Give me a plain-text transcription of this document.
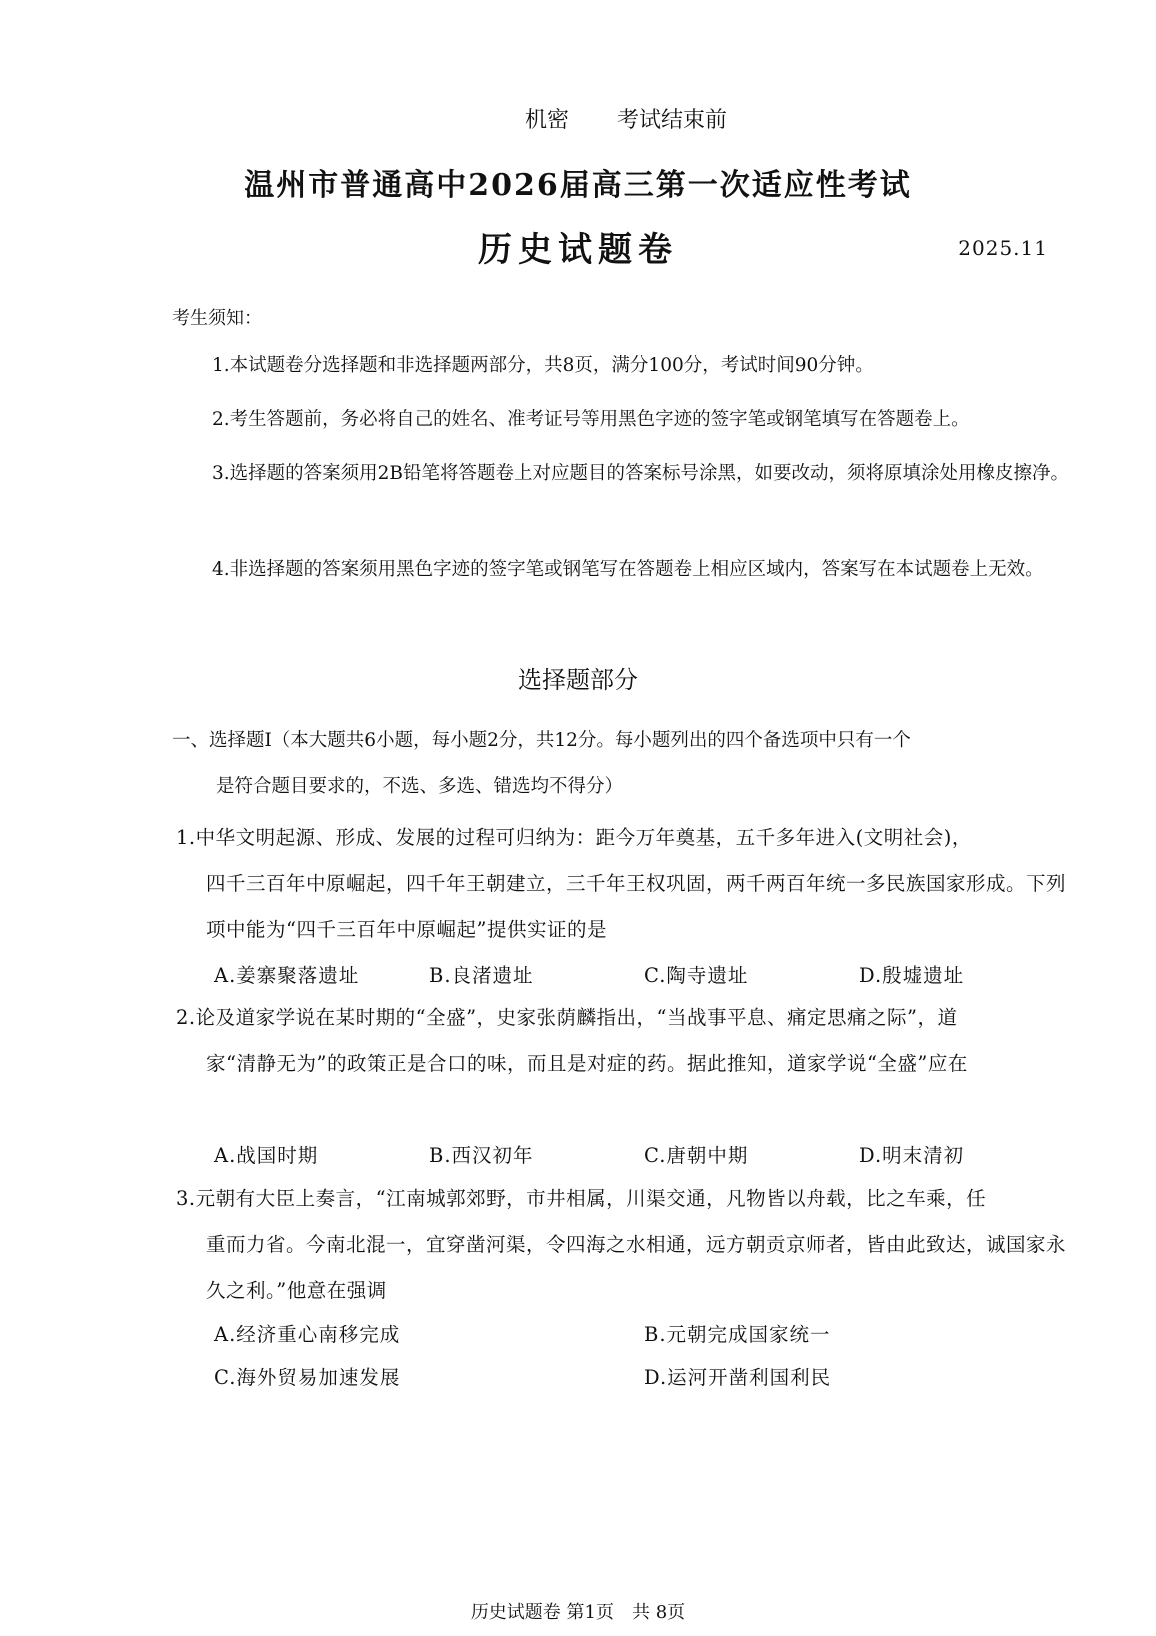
机密 考试结束前
温州市普通高中2026届高三第一次适应性考试
历史试题卷	2025.11
考生须知：
1.本试题卷分选择题和非选择题两部分，共8页，满分100分，考试时间90分钟。
2.考生答题前，务必将自己的姓名、准考证号等用黑色字迹的签字笔或钢笔填写在答题卷上。
3.选择题的答案须用2B铅笔将答题卷上对应题目的答案标号涂黑，如要改动，须将原填涂处用橡皮擦净。
4.非选择题的答案须用黑色字迹的签字笔或钢笔写在答题卷上相应区域内，答案写在本试题卷上无效。
选择题部分
一、选择题Ⅰ（本大题共6小题，每小题2分，共12分。每小题列出的四个备选项中只有一个
是符合题目要求的，不选、多选、错选均不得分）
1.中华文明起源、形成、发展的过程可归纳为：距今万年奠基，五千多年进入(文明社会)，
四千三百年中原崛起，四千年王朝建立，三千年王权巩固，两千两百年统一多民族国家形成。下列项中能为“四千三百年中原崛起”提供实证的是
A.姜寨聚落遗址	B.良渚遗址	C.陶寺遗址	D.殷墟遗址
2.论及道家学说在某时期的“全盛”，史家张荫麟指出，“当战事平息、痛定思痛之际”，道
家“清静无为”的政策正是合口的味，而且是对症的药。据此推知，道家学说“全盛”应在
A.战国时期	B.西汉初年	C.唐朝中期	D.明末清初
3.元朝有大臣上奏言，“江南城郭郊野，市井相属，川渠交通，凡物皆以舟载，比之车乘，任
重而力省。今南北混一，宜穿凿河渠，令四海之水相通，远方朝贡京师者，皆由此致达，诚国家永久之利。”他意在强调
A.经济重心南移完成	B.元朝完成国家统一
C.海外贸易加速发展	D.运河开凿利国利民
历史试题卷 第1页　共 8页
